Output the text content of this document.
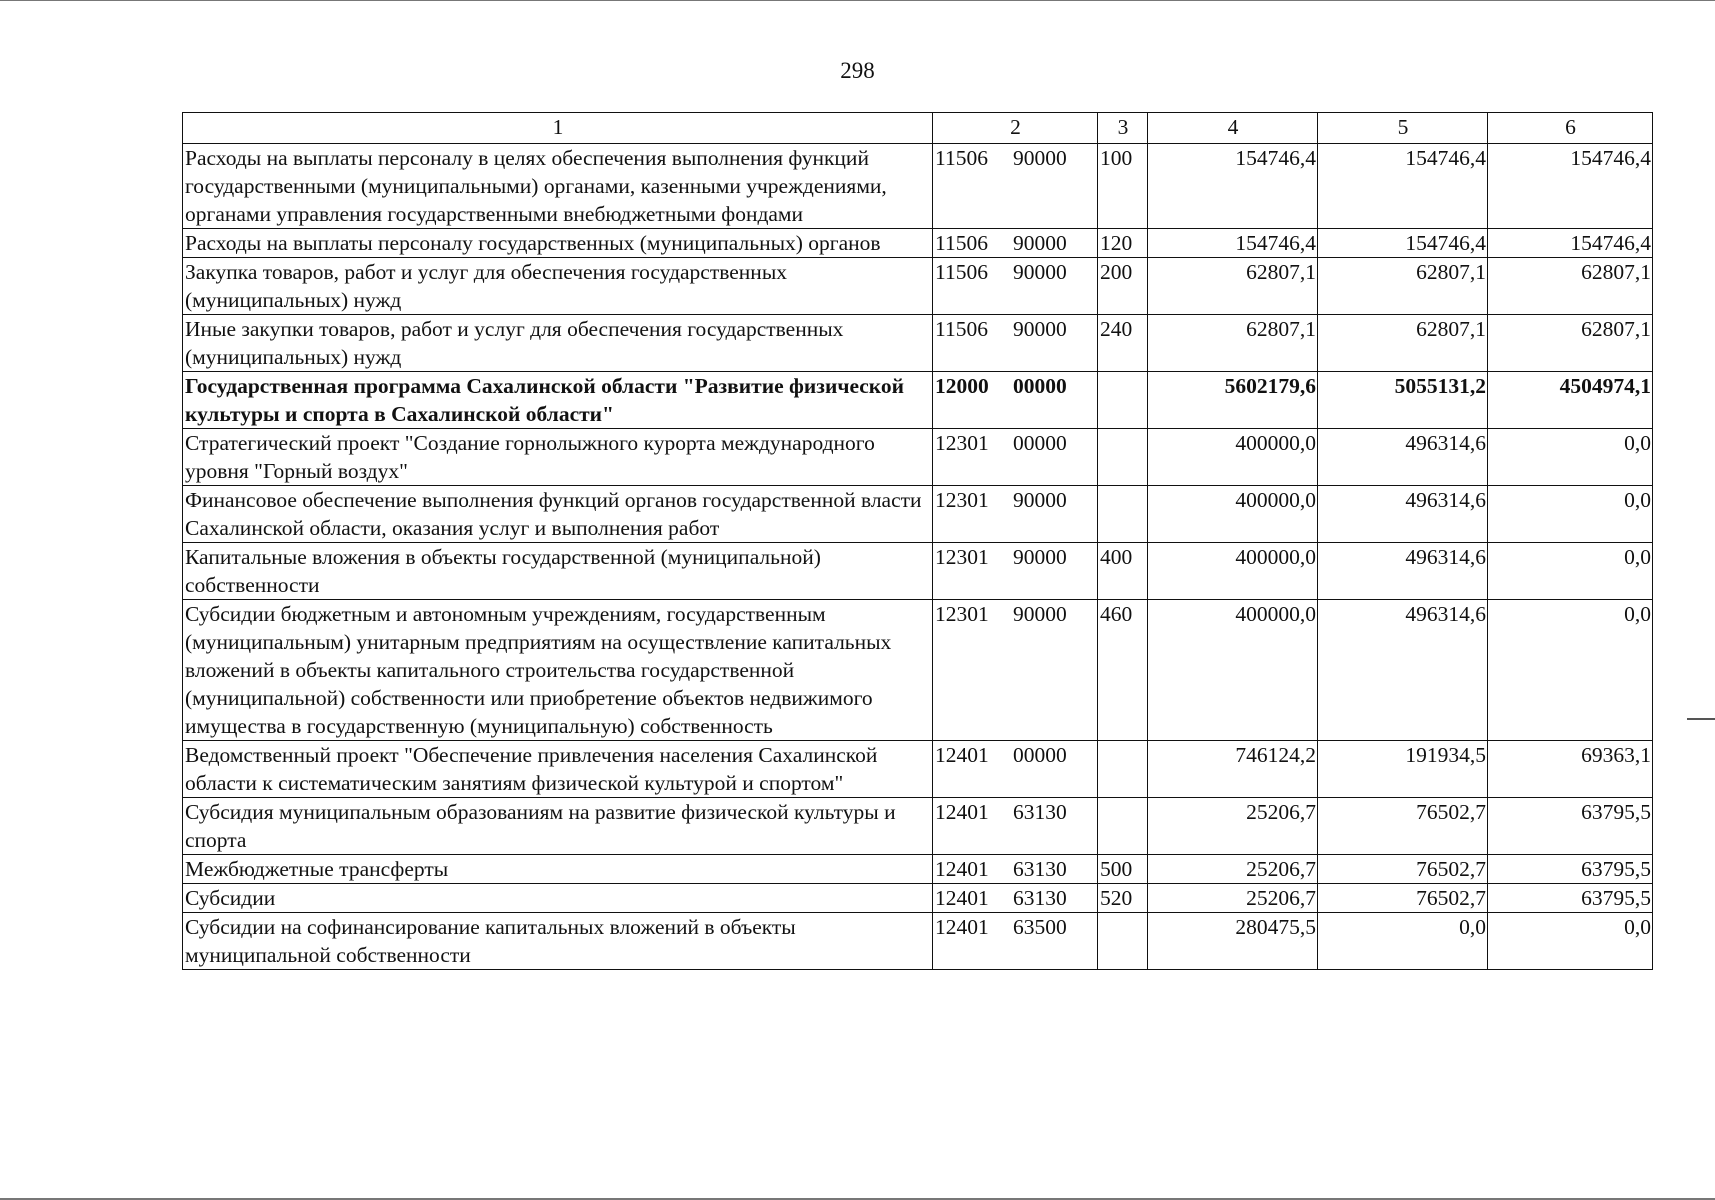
298
1	2	3	4	5	6
Расходы на выплаты персоналу в целях обеспечения выполнения функций государственными (муниципальными) органами, казенными учреждениями, органами управления государственными внебюджетными фондами	11506 90000	100	154746,4	154746,4	154746,4
Расходы на выплаты персоналу государственных (муниципальных) органов	11506 90000	120	154746,4	154746,4	154746,4
Закупка товаров, работ и услуг для обеспечения государственных (муниципальных) нужд	11506 90000	200	62807,1	62807,1	62807,1
Иные закупки товаров, работ и услуг для обеспечения государственных (муниципальных) нужд	11506 90000	240	62807,1	62807,1	62807,1
Государственная программа Сахалинской области "Развитие физической культуры и спорта в Сахалинской области"	12000 00000		5602179,6	5055131,2	4504974,1
Стратегический проект "Создание горнолыжного курорта международного уровня "Горный воздух"	12301 00000		400000,0	496314,6	0,0
Финансовое обеспечение выполнения функций органов государственной власти Сахалинской области, оказания услуг и выполнения работ	12301 90000		400000,0	496314,6	0,0
Капитальные вложения в объекты государственной (муниципальной) собственности	12301 90000	400	400000,0	496314,6	0,0
Субсидии бюджетным и автономным учреждениям, государственным (муниципальным) унитарным предприятиям на осуществление капитальных вложений в объекты капитального строительства государственной (муниципальной) собственности или приобретение объектов недвижимого имущества в государственную (муниципальную) собственность	12301 90000	460	400000,0	496314,6	0,0
Ведомственный проект "Обеспечение привлечения населения Сахалинской области к систематическим занятиям физической культурой и спортом"	12401 00000		746124,2	191934,5	69363,1
Субсидия муниципальным образованиям на развитие физической культуры и спорта	12401 63130		25206,7	76502,7	63795,5
Межбюджетные трансферты	12401 63130	500	25206,7	76502,7	63795,5
Субсидии	12401 63130	520	25206,7	76502,7	63795,5
Субсидии на софинансирование капитальных вложений в объекты муниципальной собственности	12401 63500		280475,5	0,0	0,0
